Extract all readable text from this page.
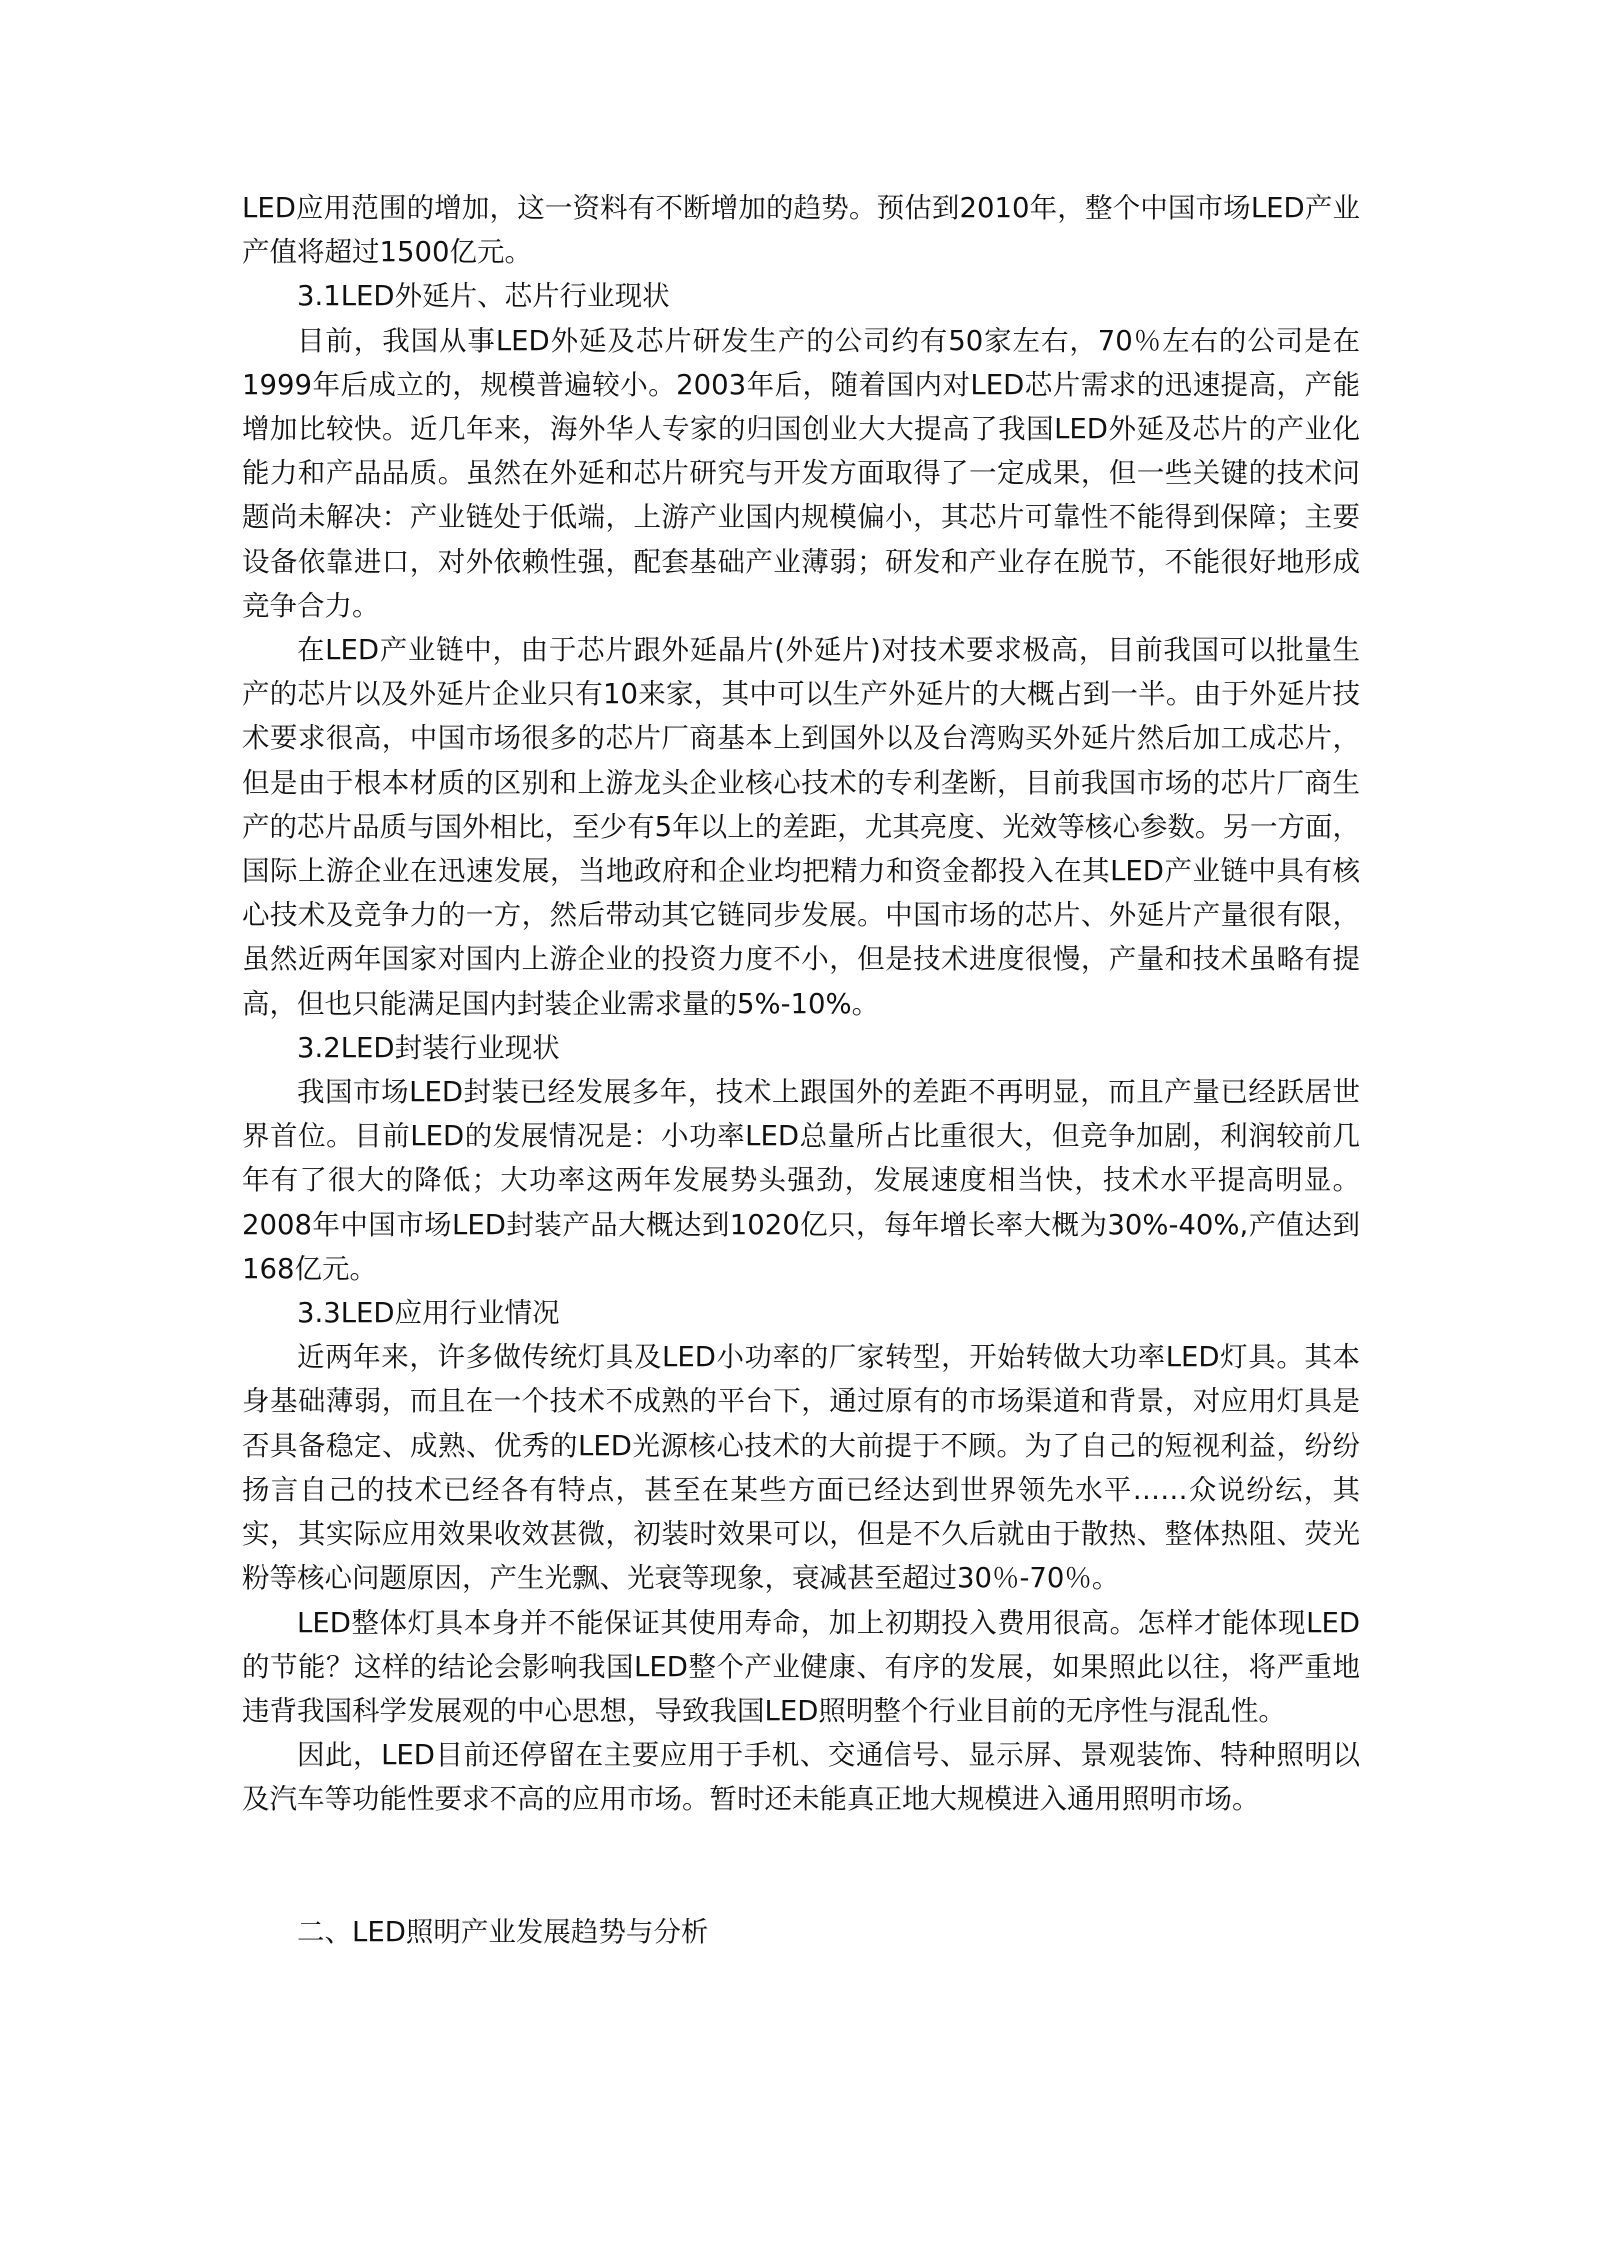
LED应用范围的增加，这一资料有不断增加的趋势。预估到2010年，整个中国市场LED产业产值将超过1500亿元。

3.1LED外延片、芯片行业现状

目前，我国从事LED外延及芯片研发生产的公司约有50家左右，70％左右的公司是在1999年后成立的，规模普遍较小。2003年后，随着国内对LED芯片需求的迅速提高，产能增加比较快。近几年来，海外华人专家的归国创业大大提高了我国LED外延及芯片的产业化能力和产品品质。虽然在外延和芯片研究与开发方面取得了一定成果，但一些关键的技术问题尚未解决：产业链处于低端，上游产业国内规模偏小，其芯片可靠性不能得到保障；主要设备依靠进口，对外依赖性强，配套基础产业薄弱；研发和产业存在脱节，不能很好地形成竞争合力。

在LED产业链中，由于芯片跟外延晶片(外延片)对技术要求极高，目前我国可以批量生产的芯片以及外延片企业只有10来家，其中可以生产外延片的大概占到一半。由于外延片技术要求很高，中国市场很多的芯片厂商基本上到国外以及台湾购买外延片然后加工成芯片，但是由于根本材质的区别和上游龙头企业核心技术的专利垄断，目前我国市场的芯片厂商生产的芯片品质与国外相比，至少有5年以上的差距，尤其亮度、光效等核心参数。另一方面，国际上游企业在迅速发展，当地政府和企业均把精力和资金都投入在其LED产业链中具有核心技术及竞争力的一方，然后带动其它链同步发展。中国市场的芯片、外延片产量很有限，虽然近两年国家对国内上游企业的投资力度不小，但是技术进度很慢，产量和技术虽略有提高，但也只能满足国内封装企业需求量的5%-10%。

3.2LED封装行业现状

我国市场LED封装已经发展多年，技术上跟国外的差距不再明显，而且产量已经跃居世界首位。目前LED的发展情况是：小功率LED总量所占比重很大，但竞争加剧，利润较前几年有了很大的降低；大功率这两年发展势头强劲，发展速度相当快，技术水平提高明显。2008年中国市场LED封装产品大概达到1020亿只，每年增长率大概为30%-40%,产值达到168亿元。

3.3LED应用行业情况

近两年来，许多做传统灯具及LED小功率的厂家转型，开始转做大功率LED灯具。其本身基础薄弱，而且在一个技术不成熟的平台下，通过原有的市场渠道和背景，对应用灯具是否具备稳定、成熟、优秀的LED光源核心技术的大前提于不顾。为了自己的短视利益，纷纷扬言自己的技术已经各有特点，甚至在某些方面已经达到世界领先水平……众说纷纭，其实，其实际应用效果收效甚微，初装时效果可以，但是不久后就由于散热、整体热阻、荧光粉等核心问题原因，产生光飘、光衰等现象，衰减甚至超过30％-70％。

LED整体灯具本身并不能保证其使用寿命，加上初期投入费用很高。怎样才能体现LED的节能？这样的结论会影响我国LED整个产业健康、有序的发展，如果照此以往，将严重地违背我国科学发展观的中心思想，导致我国LED照明整个行业目前的无序性与混乱性。

因此，LED目前还停留在主要应用于手机、交通信号、显示屏、景观装饰、特种照明以及汽车等功能性要求不高的应用市场。暂时还未能真正地大规模进入通用照明市场。

二、LED照明产业发展趋势与分析
